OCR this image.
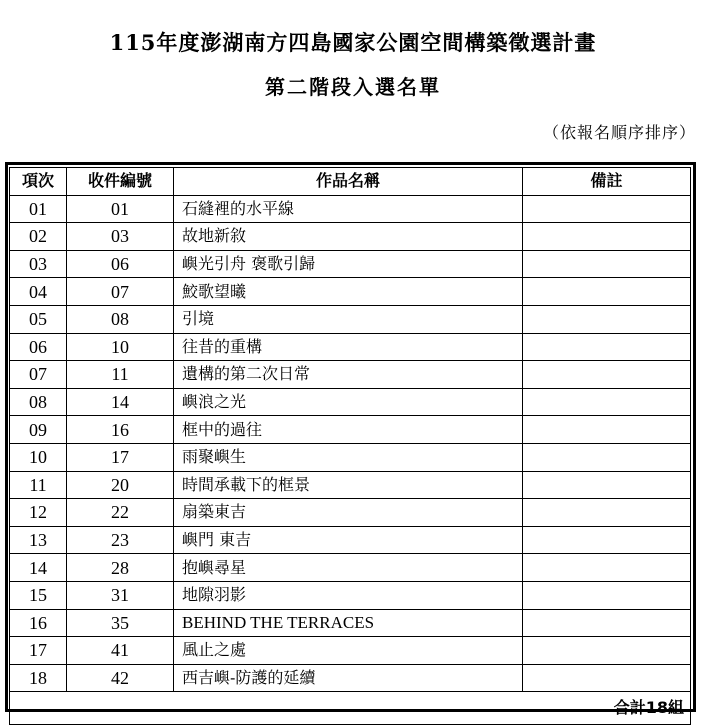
115年度澎湖南方四島國家公園空間構築徵選計畫
第二階段入選名單
（依報名順序排序）
項次	收件編號	作品名稱	備註
01	01	石縫裡的水平線	
02	03	故地新敘	
03	06	嶼光引舟 褒歌引歸	
04	07	鮫歌望曦	
05	08	引境	
06	10	往昔的重構	
07	11	遺構的第二次日常	
08	14	嶼浪之光	
09	16	框中的過往	
10	17	雨聚嶼生	
11	20	時間承載下的框景	
12	22	扇築東吉	
13	23	嶼門 東吉	
14	28	抱嶼尋星	
15	31	地隙羽影	
16	35	BEHIND THE TERRACES	
17	41	風止之處	
18	42	西吉嶼-防護的延續	
合計18組			
